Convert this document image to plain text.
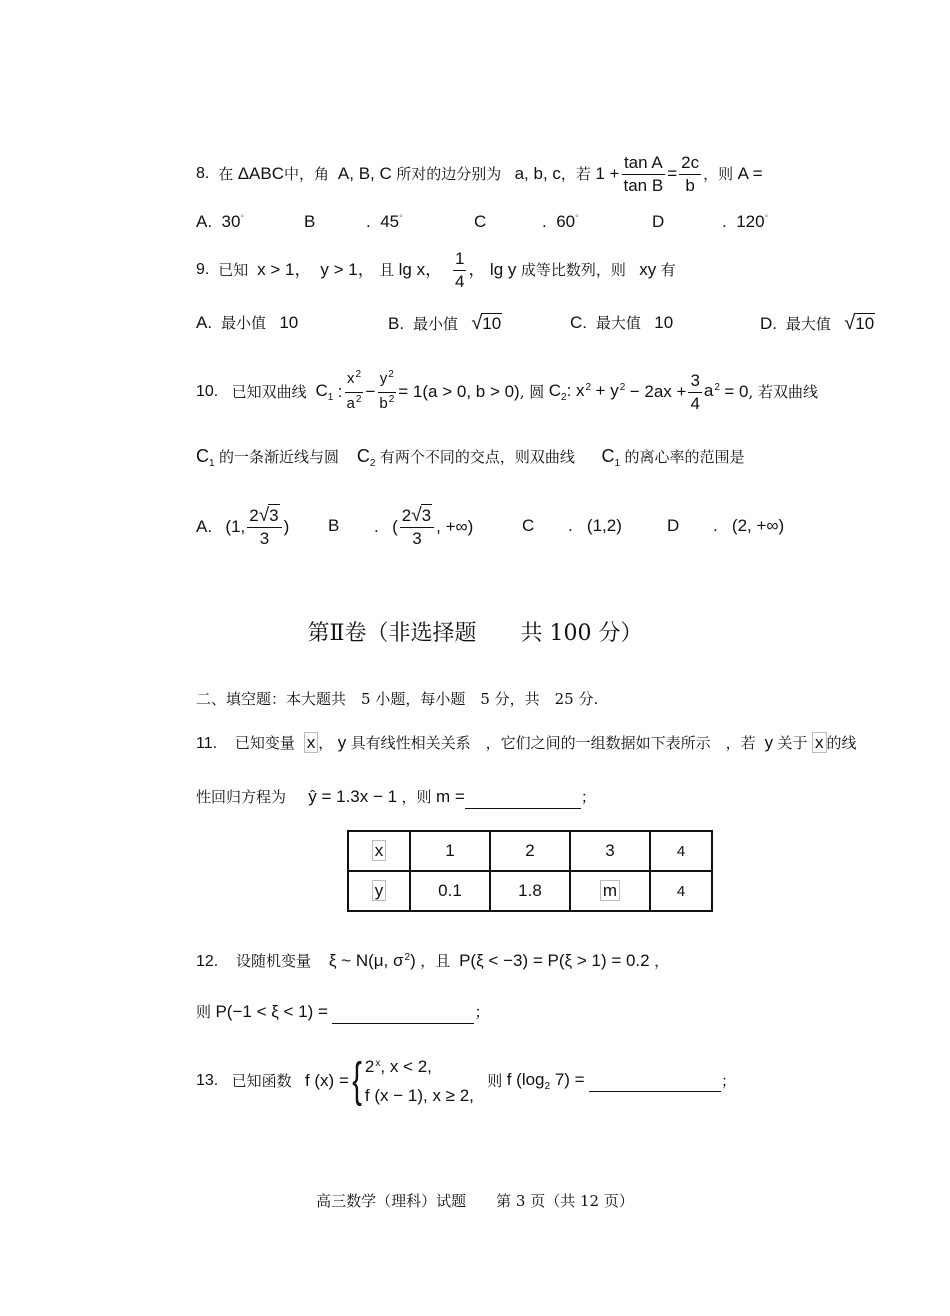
8.
在
ΔABC 中，角
A, B, C
所对的边分别为
a, b, c ，若
$1 + \frac{\text{tan A}}{\text{tan B}} = \frac{2c}{b}$ ，则
A =
A. 30°	B	. 45°	C	. 60°	D	. 120°
9.
已知
x > 1，
y > 1，
且
lg x，
$\frac{1}{4}$ ，
lg y
成等比数列，则
xy
有
A. 最小值 10	B. 最小值 √10	C. 最大值 10	D. 最大值 √10
10.
已知双曲线
$C_1$
: $\frac{x^2}{a^2} - \frac{y^2}{b^2} = 1(a > 0$, b > 0) , 圆
$C_2$ : $x^2$
+ $y^2$
− $2ax + \frac{3}{4} a^2$
= 0 , 若双曲线
$C_1$ 的一条渐近线与圆 $C_2$ 有两个不同的交点，则双曲线 $C_1$ 的离心率的范围是
A.
(1, $\frac{2√3}{3}$ ) B .
( $\frac{2√3}{3}$ , +∞)	C . (1,2)	D . (2, +∞)
第Ⅱ卷（非选择题　　共 100 分）
二、填空题：本大题共　5 小题，每小题　5 分，共　25 分.
11. 已知变量 x ， y 具有线性相关关系　，它们之间的一组数据如下表所示　，若 y 关于 x 的线
性回归方程为 ŷ = 1.3x − 1 ，则 m =	；
x	1	2	3	4
y	0.1	1.8	m	4
12. 设随机变量 ξ ~ N(μ, $\sigma^2$) ，且 P(ξ < −3) = P(ξ > 1) = 0.2 ，
则 P(−1 < ξ < 1) =	；
13.
已知函数
f (x) = { 2$^x$, x < 2,
f (x − 1), x ≥ 2,

则
f ($\log_2$ 7) =

	；
高三数学（理科）试题　　第 3 页（共 12 页）
